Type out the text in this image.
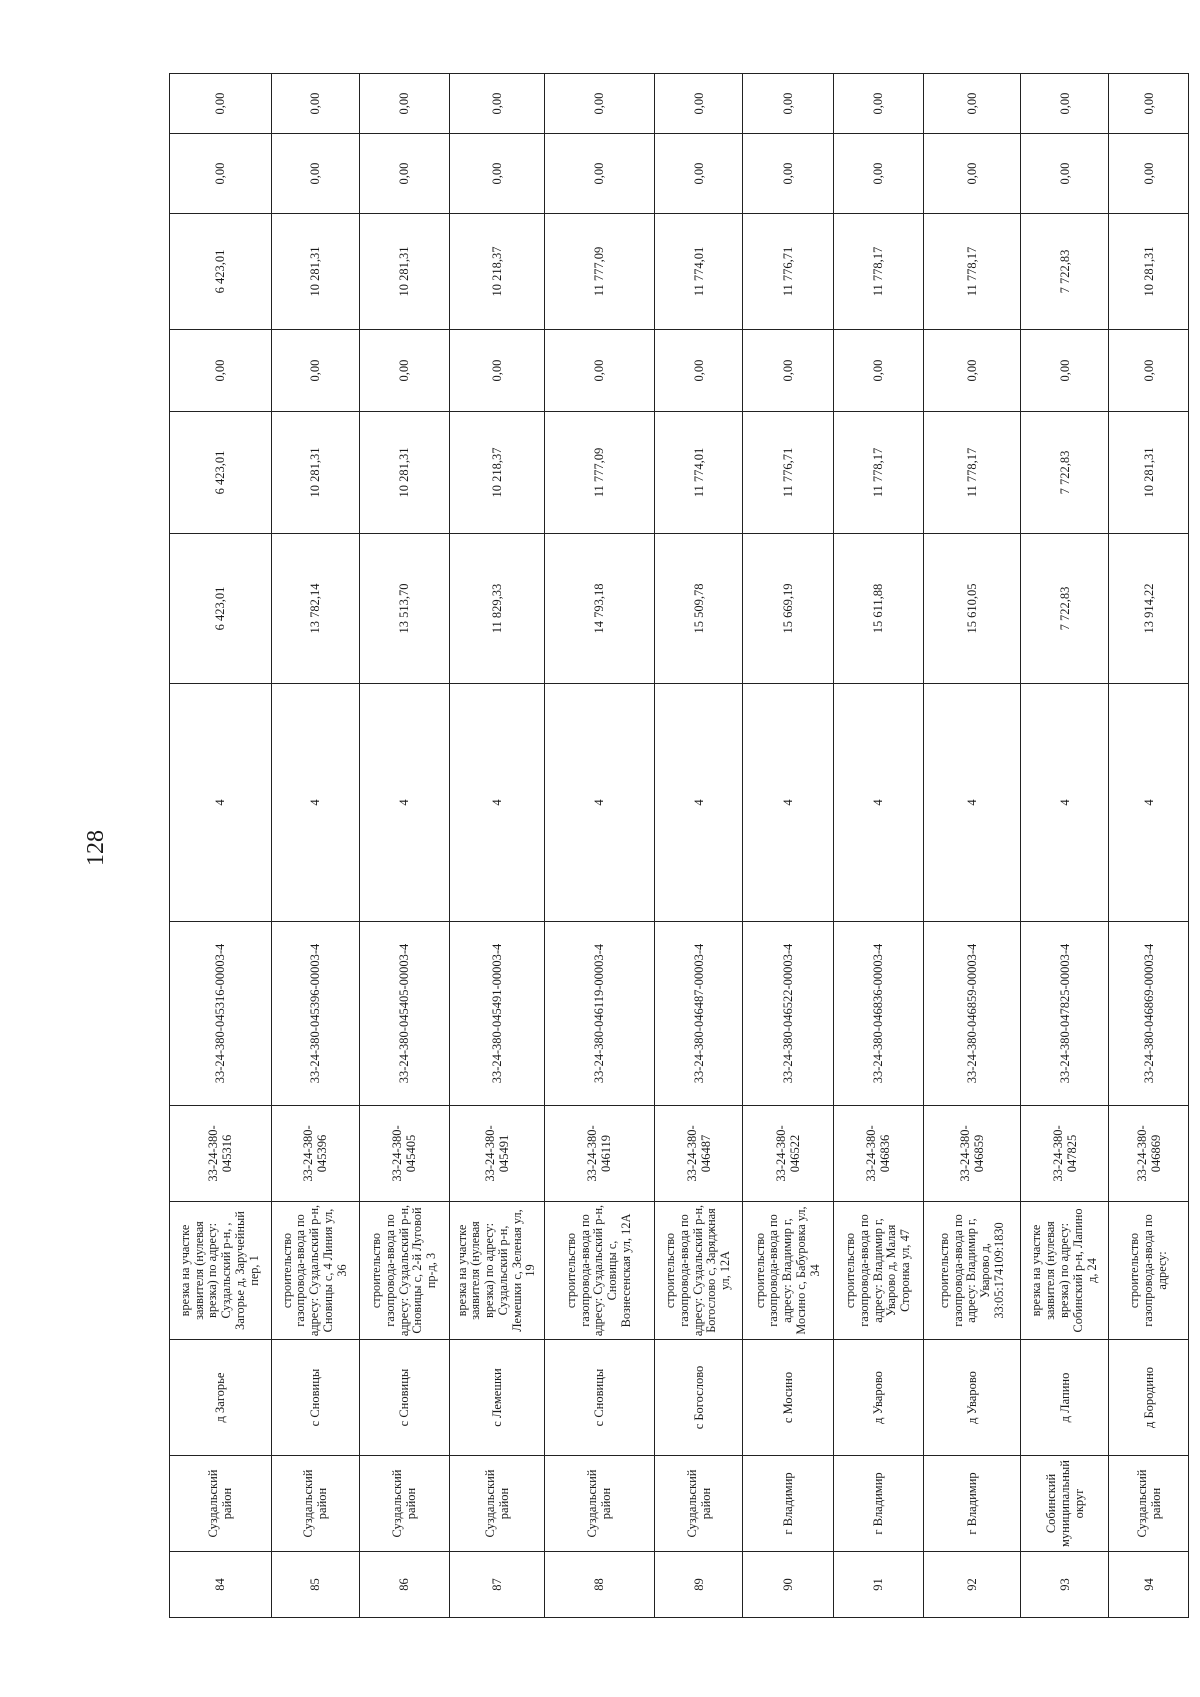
128
84	Суздальский район	д Загорье	врезка на участке заявителя (нулевая врезка) по адресу: Суздальский р-н, , Загорье д, Заручейный пер, 1	33-24-380-045316	33-24-380-045316-00003-4	4	6 423,01	6 423,01	0,00	6 423,01	0,00	0,00
85	Суздальский район	с Сновицы	строительство газопровода-ввода по адресу: Суздальский р-н, Сновицы с, 4 Линия ул, 36	33-24-380-045396	33-24-380-045396-00003-4	4	13 782,14	10 281,31	0,00	10 281,31	0,00	0,00
86	Суздальский район	с Сновицы	строительство газопровода-ввода по адресу: Суздальский р-н, Сновицы с, 2-й Луговой пр-д, 3	33-24-380-045405	33-24-380-045405-00003-4	4	13 513,70	10 281,31	0,00	10 281,31	0,00	0,00
87	Суздальский район	с Лемешки	врезка на участке заявителя (нулевая врезка) по адресу: Суздальский р-н, Лемешки с, Зеленая ул, 19	33-24-380-045491	33-24-380-045491-00003-4	4	11 829,33	10 218,37	0,00	10 218,37	0,00	0,00
88	Суздальский район	с Сновицы	строительство газопровода-ввода по адресу: Суздальский р-н, Сновицы с, Вознесенская ул, 12А	33-24-380-046119	33-24-380-046119-00003-4	4	14 793,18	11 777,09	0,00	11 777,09	0,00	0,00
89	Суздальский район	с Богослово	строительство газопровода-ввода по адресу: Суздальский р-н, Богослово с, Заряджная ул, 12А	33-24-380-046487	33-24-380-046487-00003-4	4	15 509,78	11 774,01	0,00	11 774,01	0,00	0,00
90	г Владимир	с Мосино	строительство газопровода-ввода по адресу: Владимир г, Мосино с, Бабуровка ул, 34	33-24-380-046522	33-24-380-046522-00003-4	4	15 669,19	11 776,71	0,00	11 776,71	0,00	0,00
91	г Владимир	д Уварово	строительство газопровода-ввода по адресу: Владимир г, Уварово д, Малая Сторонка ул, 47	33-24-380-046836	33-24-380-046836-00003-4	4	15 611,88	11 778,17	0,00	11 778,17	0,00	0,00
92	г Владимир	д Уварово	строительство газопровода-ввода по адресу: Владимир г, Уварово д, 33:05:174109:1830	33-24-380-046859	33-24-380-046859-00003-4	4	15 610,05	11 778,17	0,00	11 778,17	0,00	0,00
93	Собинский муниципальный округ	д Лапино	врезка на участке заявителя (нулевая врезка) по адресу: Собинский р-н, Лапино д, 24	33-24-380-047825	33-24-380-047825-00003-4	4	7 722,83	7 722,83	0,00	7 722,83	0,00	0,00
94	Суздальский район	д Бородино	строительство газопровода-ввода по адресу:	33-24-380-046869	33-24-380-046869-00003-4	4	13 914,22	10 281,31	0,00	10 281,31	0,00	0,00
